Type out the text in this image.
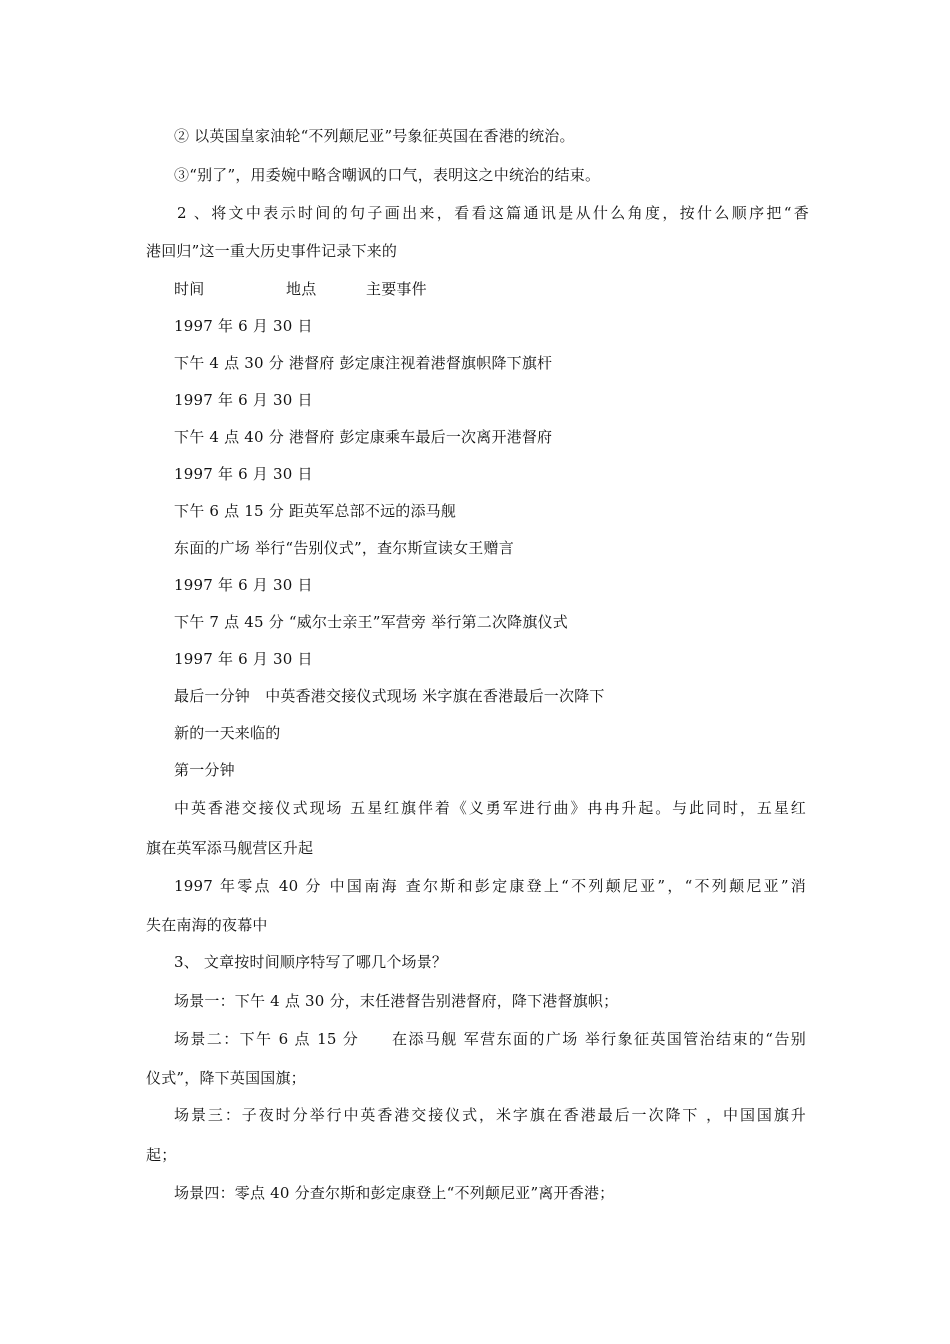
② 以英国皇家油轮“不列颠尼亚”号象征英国在香港的统治。
③“别了”，用委婉中略含嘲讽的口气，表明这之中统治的结束。
2 、将文中表示时间的句子画出来，看看这篇通讯是从什么角度，按什么顺序把“香
港回归”这一重大历史事件记录下来的
时间	地点	主要事件
1997 年 6 月 30 日
下午 4 点 30 分 港督府 彭定康注视着港督旗帜降下旗杆
1997 年 6 月 30 日
下午 4 点 40 分 港督府 彭定康乘车最后一次离开港督府
1997 年 6 月 30 日
下午 6 点 15 分 距英军总部不远的添马舰
东面的广场 举行“告别仪式”，查尔斯宣读女王赠言
1997 年 6 月 30 日
下午 7 点 45 分 “威尔士亲王”军营旁 举行第二次降旗仪式
1997 年 6 月 30 日
最后一分钟　中英香港交接仪式现场 米字旗在香港最后一次降下
新的一天来临的
第一分钟
中英香港交接仪式现场 五星红旗伴着《义勇军进行曲》冉冉升起。与此同时，五星红
旗在英军添马舰营区升起
1997 年零点 40 分 中国南海 查尔斯和彭定康登上“不列颠尼亚”，“不列颠尼亚”消
失在南海的夜幕中
3、 文章按时间顺序特写了哪几个场景？
场景一：下午 4 点 30 分，末任港督告别港督府，降下港督旗帜；
场景二：下午 6 点 15 分　　在添马舰 军营东面的广场 举行象征英国管治结束的“告别
仪式”，降下英国国旗；
场景三：子夜时分举行中英香港交接仪式，米字旗在香港最后一次降下 ，中国国旗升
起；
场景四：零点 40 分查尔斯和彭定康登上“不列颠尼亚”离开香港；
